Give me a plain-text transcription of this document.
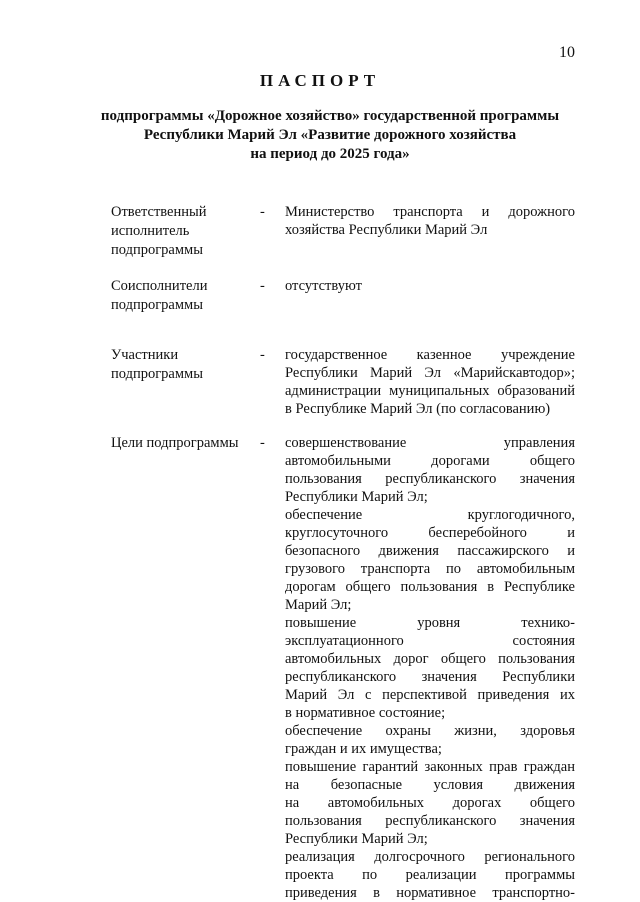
10
ПАСПОРТ
подпрограммы «Дорожное хозяйство» государственной программы
Республики Марий Эл «Развитие дорожного хозяйства
на период до 2025 года»
Ответственный
исполнитель
подпрограммы
- Министерство транспорта и дорожного
хозяйства Республики Марий Эл
Соисполнители
подпрограммы
- отсутствуют
Участники
подпрограммы
- государственное казенное учреждение
Республики Марий Эл «Марийскавтодор»;
администрации муниципальных образований
в Республике Марий Эл (по согласованию)
Цели подпрограммы	- совершенствование управления
автомобильными дорогами общего
пользования республиканского значения
Республики Марий Эл;
обеспечение круглогодичного,
круглосуточного бесперебойного и
безопасного движения пассажирского и
грузового транспорта по автомобильным
дорогам общего пользования в Республике
Марий Эл;
повышение уровня технико-
эксплуатационного состояния
автомобильных дорог общего пользования
республиканского значения Республики
Марий Эл с перспективой приведения их
в нормативное состояние;
обеспечение охраны жизни, здоровья
граждан и их имущества;
повышение гарантий законных прав граждан
на безопасные условия движения
на автомобильных дорогах общего
пользования республиканского значения
Республики Марий Эл;
реализация долгосрочного регионального
проекта по реализации программы
приведения в нормативное транспортно-
